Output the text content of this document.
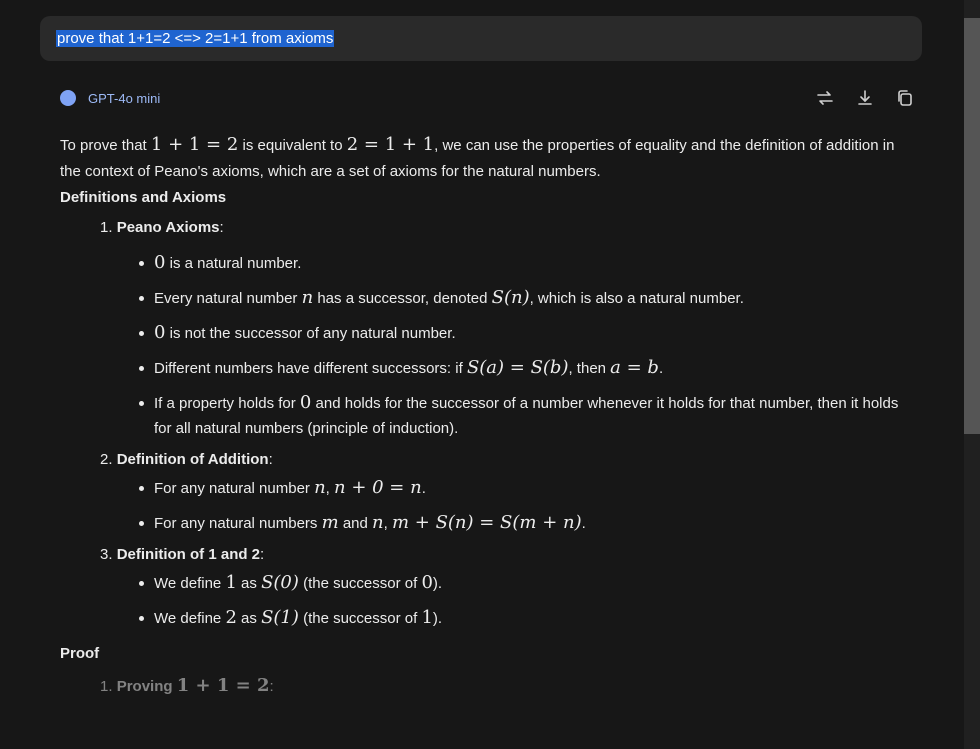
prove that 1+1=2 <=> 2=1+1 from axioms
GPT-4o mini

To prove that 1 + 1 = 2 is equivalent to 2 = 1 + 1, we can use the properties of equality and the definition of addition in the context of Peano's axioms, which are a set of axioms for the natural numbers.

Definitions and Axioms

1. Peano Axioms:
0 is a natural number.
Every natural number n has a successor, denoted S(n), which is also a natural number.
0 is not the successor of any natural number.
Different numbers have different successors: if S(a) = S(b), then a = b.
If a property holds for 0 and holds for the successor of a number whenever it holds for that number, then it holds for all natural numbers (principle of induction).
2. Definition of Addition:
For any natural number n, n + 0 = n.
For any natural numbers m and n, m + S(n) = S(m + n).
3. Definition of 1 and 2:
We define 1 as S(0) (the successor of 0).
We define 2 as S(1) (the successor of 1).

Proof

1. Proving 1 + 1 = 2:
